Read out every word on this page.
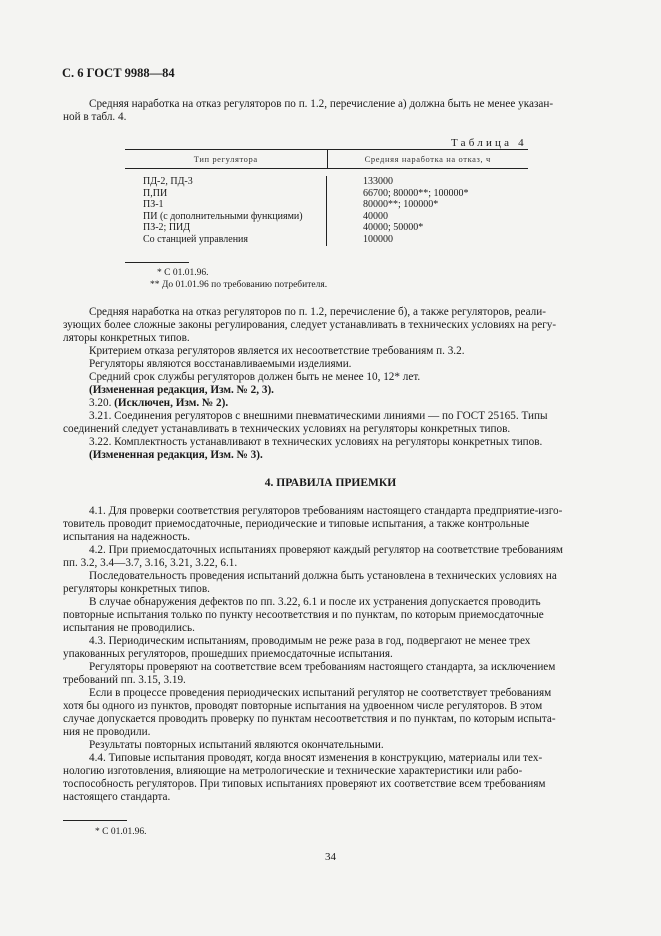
С. 6 ГОСТ 9988—84

Средняя наработка на отказ регуляторов по п. 1.2, перечисление а) должна быть не менее указан-

ной в табл. 4.

Таблица 4
Тип регулятора	Средняя наработка на отказ, ч
ПД-2, ПД-3
П,ПИ
ПЗ-1
ПИ (с дополнительными функциями)
ПЗ-2; ПИД
Со станцией управления
133000
66700; 80000**; 100000*
80000**; 100000*
40000
40000; 50000*
100000
* С 01.01.96.
** До 01.01.96 по требованию потребителя.

Средняя наработка на отказ регуляторов по п. 1.2, перечисление б), а также регуляторов, реали-

зующих более сложные законы регулирования, следует устанавливать в технических условиях на регу-

ляторы конкретных типов.

Критерием отказа регуляторов является их несоответствие требованиям п. 3.2.

Регуляторы являются восстанавливаемыми изделиями.

Средний срок службы регуляторов должен быть не менее 10, 12* лет.

(Измененная редакция, Изм. № 2, 3).

3.20. (Исключен, Изм. № 2).

3.21. Соединения регуляторов с внешними пневматическими линиями — по ГОСТ 25165. Типы

соединений следует устанавливать в технических условиях на регуляторы конкретных типов.

3.22. Комплектность устанавливают в технических условиях на регуляторы конкретных типов.

(Измененная редакция, Изм. № 3).

4. ПРАВИЛА ПРИЕМКИ

4.1. Для проверки соответствия регуляторов требованиям настоящего стандарта предприятие-изго-

товитель проводит приемосдаточные, периодические и типовые испытания, а также контрольные

испытания на надежность.

4.2. При приемосдаточных испытаниях проверяют каждый регулятор на соответствие требованиям

пп. 3.2, 3.4—3.7, 3.16, 3.21, 3.22, 6.1.

Последовательность проведения испытаний должна быть установлена в технических условиях на

регуляторы конкретных типов.

В случае обнаружения дефектов по пп. 3.22, 6.1 и после их устранения допускается проводить

повторные испытания только по пункту несоответствия и по пунктам, по которым приемосдаточные

испытания не проводились.

4.3. Периодическим испытаниям, проводимым не реже раза в год, подвергают не менее трех

упакованных регуляторов, прошедших приемосдаточные испытания.

Регуляторы проверяют на соответствие всем требованиям настоящего стандарта, за исключением

требований пп. 3.15, 3.19.

Если в процессе проведения периодических испытаний регулятор не соответствует требованиям

хотя бы одного из пунктов, проводят повторные испытания на удвоенном числе регуляторов. В этом

случае допускается проводить проверку по пунктам несоответствия и по пунктам, по которым испыта-

ния не проводили.

Результаты повторных испытаний являются окончательными.

4.4. Типовые испытания проводят, когда вносят изменения в конструкцию, материалы или тех-

нологию изготовления, влияющие на метрологические и технические характеристики или рабо-

тоспособность регуляторов. При типовых испытаниях проверяют их соответствие всем требованиям

настоящего стандарта.

* С 01.01.96.
34
